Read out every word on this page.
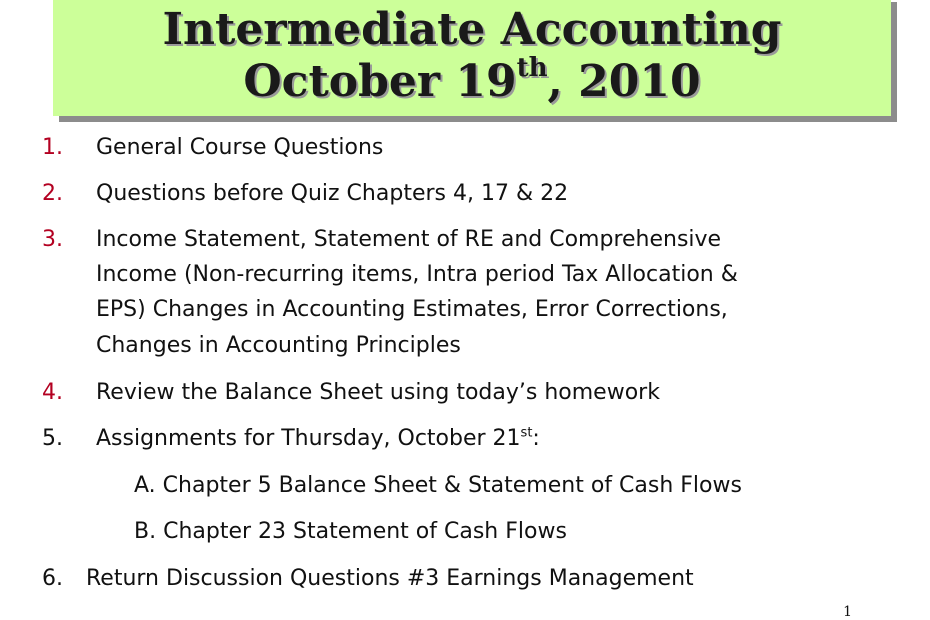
Intermediate Accounting
October 19th, 2010
1.	General Course Questions
2.	Questions before Quiz Chapters 4, 17 & 22
3.	Income Statement, Statement of RE and Comprehensive
Income (Non-recurring items, Intra period Tax Allocation &
EPS) Changes in Accounting Estimates, Error Corrections,
Changes in Accounting Principles
4.	Review the Balance Sheet using today’s homework
5.	Assignments for Thursday, October 21st:
A. Chapter 5 Balance Sheet & Statement of Cash Flows
B. Chapter 23 Statement of Cash Flows
6.	Return Discussion Questions #3 Earnings Management
1
